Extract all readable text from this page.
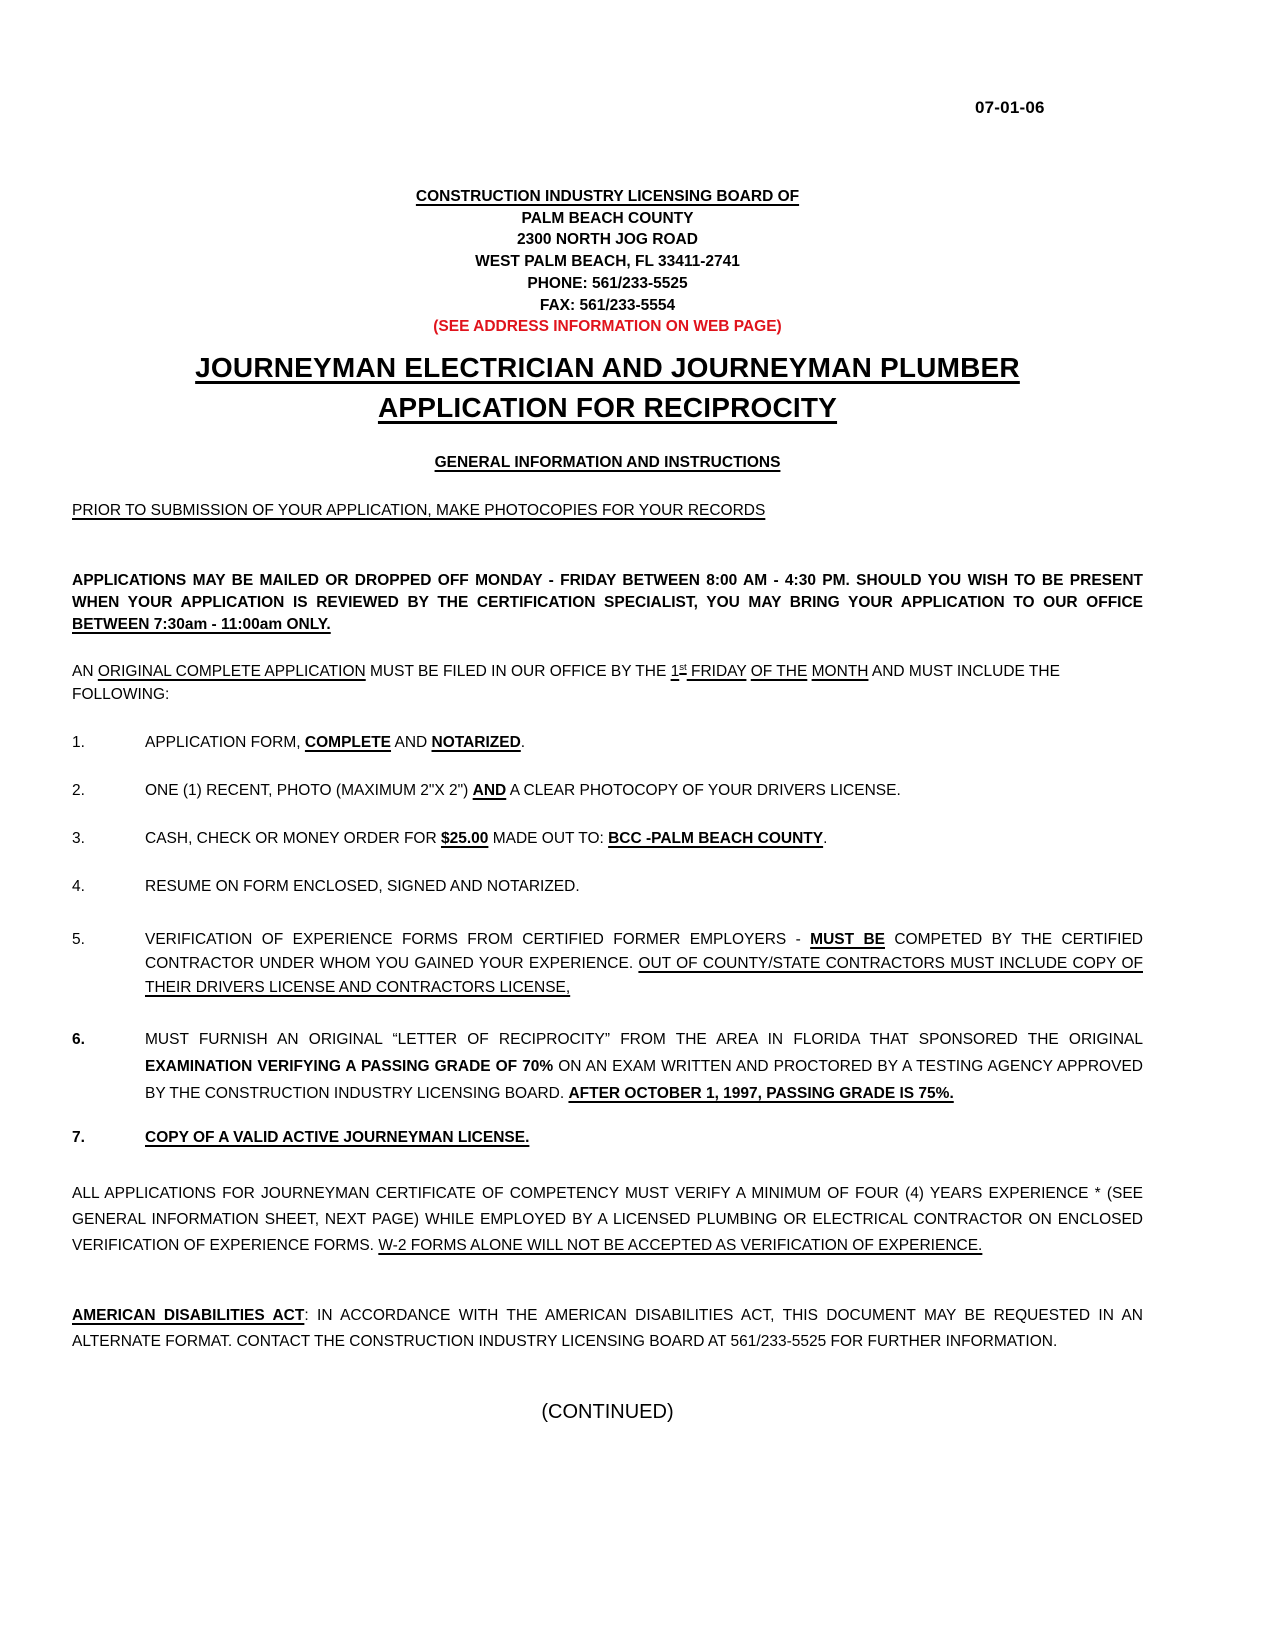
07-01-06
CONSTRUCTION INDUSTRY LICENSING BOARD OF
PALM BEACH COUNTY
2300 NORTH JOG ROAD
WEST PALM BEACH, FL 33411-2741
PHONE: 561/233-5525
FAX: 561/233-5554
(SEE ADDRESS INFORMATION ON WEB PAGE)
JOURNEYMAN ELECTRICIAN AND JOURNEYMAN PLUMBER
APPLICATION FOR RECIPROCITY
GENERAL INFORMATION AND INSTRUCTIONS
PRIOR TO SUBMISSION OF YOUR APPLICATION, MAKE PHOTOCOPIES FOR YOUR RECORDS
APPLICATIONS MAY BE MAILED OR DROPPED OFF MONDAY - FRIDAY BETWEEN 8:00 AM - 4:30 PM. SHOULD YOU WISH TO BE PRESENT WHEN YOUR APPLICATION IS REVIEWED BY THE CERTIFICATION SPECIALIST, YOU MAY BRING YOUR APPLICATION TO OUR OFFICE BETWEEN 7:30am - 11:00am ONLY.
AN ORIGINAL COMPLETE APPLICATION MUST BE FILED IN OUR OFFICE BY THE 1st FRIDAY OF THE MONTH AND MUST INCLUDE THE FOLLOWING:
1.	APPLICATION FORM, COMPLETE AND NOTARIZED.
2.	ONE (1) RECENT, PHOTO (MAXIMUM 2"X 2") AND A CLEAR PHOTOCOPY OF YOUR DRIVERS LICENSE.
3.	CASH, CHECK OR MONEY ORDER FOR $25.00 MADE OUT TO: BCC -PALM BEACH COUNTY.
4.	RESUME ON FORM ENCLOSED, SIGNED AND NOTARIZED.
5.	VERIFICATION OF EXPERIENCE FORMS FROM CERTIFIED FORMER EMPLOYERS - MUST BE COMPETED BY THE CERTIFIED CONTRACTOR UNDER WHOM YOU GAINED YOUR EXPERIENCE. OUT OF COUNTY/STATE CONTRACTORS MUST INCLUDE COPY OF THEIR DRIVERS LICENSE AND CONTRACTORS LICENSE,
6.	MUST FURNISH AN ORIGINAL “LETTER OF RECIPROCITY” FROM THE AREA IN FLORIDA THAT SPONSORED THE ORIGINAL EXAMINATION VERIFYING A PASSING GRADE OF 70% ON AN EXAM WRITTEN AND PROCTORED BY A TESTING AGENCY APPROVED BY THE CONSTRUCTION INDUSTRY LICENSING BOARD. AFTER OCTOBER 1, 1997, PASSING GRADE IS 75%.
7.	COPY OF A VALID ACTIVE JOURNEYMAN LICENSE.
ALL APPLICATIONS FOR JOURNEYMAN CERTIFICATE OF COMPETENCY MUST VERIFY A MINIMUM OF FOUR (4) YEARS EXPERIENCE * (SEE GENERAL INFORMATION SHEET, NEXT PAGE) WHILE EMPLOYED BY A LICENSED PLUMBING OR ELECTRICAL CONTRACTOR ON ENCLOSED VERIFICATION OF EXPERIENCE FORMS. W-2 FORMS ALONE WILL NOT BE ACCEPTED AS VERIFICATION OF EXPERIENCE.
AMERICAN DISABILITIES ACT: IN ACCORDANCE WITH THE AMERICAN DISABILITIES ACT, THIS DOCUMENT MAY BE REQUESTED IN AN ALTERNATE FORMAT. CONTACT THE CONSTRUCTION INDUSTRY LICENSING BOARD AT 561/233-5525 FOR FURTHER INFORMATION.
(CONTINUED)
